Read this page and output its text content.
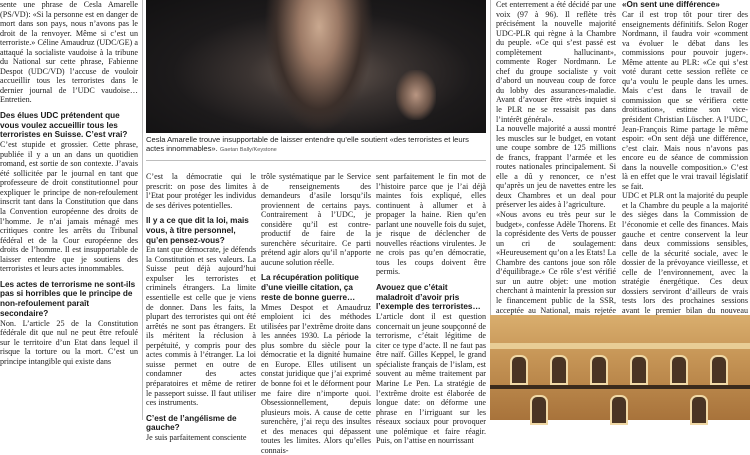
sente une phrase de Cesla Amarelle (PS/VD): «Si la personne est en danger de mort dans son pays, nous n’avons pas le droit de la renvoyer. Même si c’est un terroriste.» Céline Amaudruz (UDC/GE) a attaqué la socialiste vaudoise à la tribune du National sur cette phrase, Fabienne Despot (UDC/VD) l’accuse de vouloir accueillir tous les terroristes dans le dernier journal de l’UDC vaudoise… Entretien.

Des élues UDC prétendent que vous voulez accueillir tous les terroristes en Suisse. C’est vrai?

C’est stupide et grossier. Cette phrase, publiée il y a un an dans un quotidien romand, est sortie de son contexte. J’avais été sollicitée par le journal en tant que professeure de droit constitutionnel pour expliquer le principe de non-refoulement inscrit tant dans la Constitution que dans la Convention européenne des droits de l’homme. Je n’ai jamais ménagé mes critiques contre les arrêts du Tribunal fédéral et de la Cour européenne des droits de l’homme. Il est insupportable de laisser entendre que je soutiens des terroristes et leurs actes innommables.

Les actes de terrorisme ne sont-ils pas si horribles que le principe de non-refoulement paraît secondaire?

Non. L’article 25 de la Constitution fédérale dit que nul ne peut être refoulé sur le territoire d’un Etat dans lequel il risque la torture ou la mort. C’est un principe intangible qui existe dans

Cesla Amarelle trouve insupportable de laisser entendre qu’elle soutient «des terroristes et leurs actes innommables». Gaetan Bally/Keystone

C’est la démocratie qui le prescrit: on pose des limites à l’Etat pour protéger les individus de ses dérives potentielles.

Il y a ce que dit la loi, mais vous, à titre personnel, qu’en pensez-vous?

En tant que démocrate, je défends la Constitution et ses valeurs. La Suisse peut déjà aujourd’hui expulser les terroristes et criminels étrangers. La limite essentielle est celle que je viens de donner. Dans les faits, la plupart des terroristes qui ont été arrêtés ne sont pas étrangers. Et ils méritent la réclusion à perpétuité, y compris pour des actes commis à l’étranger. La loi suisse permet en outre de condamner des actes préparatoires et même de retirer le passeport suisse. Il faut utiliser ces instruments.

C’est de l’angélisme de gauche?

Je suis parfaitement consciente

trôle systématique par le Service de renseignements des demandeurs d’asile lorsqu’ils proviennent de certains pays. Contrairement à l’UDC, je considère qu’il est contre-productif de faire de la surenchère sécuritaire. Ce parti prétend agir alors qu’il n’apporte aucune solution réelle.

La récupération politique d’une vieille citation, ça reste de bonne guerre…

Mmes Despot et Amaudruz emploient ici des méthodes utilisées par l’extrême droite dans les années 1930. La période la plus sombre du siècle pour la démocratie et la dignité humaine en Europe. Elles utilisent un constat juridique que j’ai exprimé de bonne foi et le déforment pour me faire dire n’importe quoi. Obsessionnellement, depuis plusieurs mois. A cause de cette surenchère, j’ai reçu des insultes et des menaces qui dépassent toutes les limites. Alors qu’elles connais-

sent parfaitement le fin mot de l’histoire parce que je l’ai déjà maintes fois expliqué, elles continuent à allumer et à propager la haine. Rien qu’en parlant une nouvelle fois du sujet, je risque de déclencher de nouvelles réactions virulentes. Je ne crois pas qu’en démocratie, tous les coups doivent être permis.

Avouez que c’était maladroit d’avoir pris l’exemple des terroristes…

L’article dont il est question concernait un jeune soupçonné de terrorisme, c’était légitime de citer ce type d’acte. Il ne faut pas être naïf. Gilles Keppel, le grand spécialiste français de l’islam, est souvent au même traitement par Marine Le Pen. La stratégie de l’extrême droite est élaborée de longue date: on déforme une phrase en l’irriguant sur les réseaux sociaux pour provoquer une polémique et faire réagir. Puis, on l’attise en nourrissant

Cet enterrement a été décidé par une voix (97 à 96). Il reflète très précisément la nouvelle majorité UDC-PLR qui règne à la Chambre du peuple. «Ce qui s’est passé est complètement hallucinant», commente Roger Nordmann. Le chef du groupe socialiste y voit d’abord un nouveau coup de force du lobby des assurances-maladie. Avant d’avouer être «très inquiet si le PLR ne se ressaisit pas dans l’intérêt général».

La nouvelle majorité a aussi montré les muscles sur le budget, en votant une coupe sombre de 125 millions de francs, frappant l’armée et les routes nationales principalement. Si elle a dû y renoncer, ce n’est qu’après un jeu de navettes entre les deux Chambres et un deal pour préserver les aides à l’agriculture.

«Nous avons eu très peur sur le budget», confesse Adèle Thorens. Et la coprésidente des Verts de pousser un cri de soulagement: «Heureusement qu’on a les Etats! La Chambre des cantons joue son rôle d’équilibrage.» Ce rôle s’est vérifié sur un autre objet: une motion cherchant à maintenir la pression sur le financement public de la SSR, acceptée au National, mais rejetée

«On sent une différence»

Car il est trop tôt pour tirer des enseignements définitifs. Selon Roger Nordmann, il faudra voir «comment va évoluer le débat dans les commissions pour pouvoir juger». Même attente au PLR: «Ce qui s’est voté durant cette session reflète ce qu’a voulu le peuple dans les urnes. Mais c’est dans le travail de commission que se vérifiera cette droitisation», estime son vice-président Christian Lüscher. A l’UDC, Jean-François Rime partage le même espoir: «On sent déjà une différence, c’est clair. Mais nous n’avons pas encore eu de séance de commission dans la nouvelle composition.» C’est là en effet que le vrai travail législatif se fait.

UDC et PLR ont la majorité du peuple et la Chambre du peuple a la majorité des sièges dans la Commission de l’économie et celle des finances. Mais gauche et centre conservent la leur dans deux commissions sensibles, celle de la sécurité sociale, avec le dossier de la prévoyance vieillesse, et celle de l’environnement, avec la stratégie énergétique. Ces deux dossiers serviront d’ailleurs de vrais tests lors des prochaines sessions avant le premier bilan du nouveau
